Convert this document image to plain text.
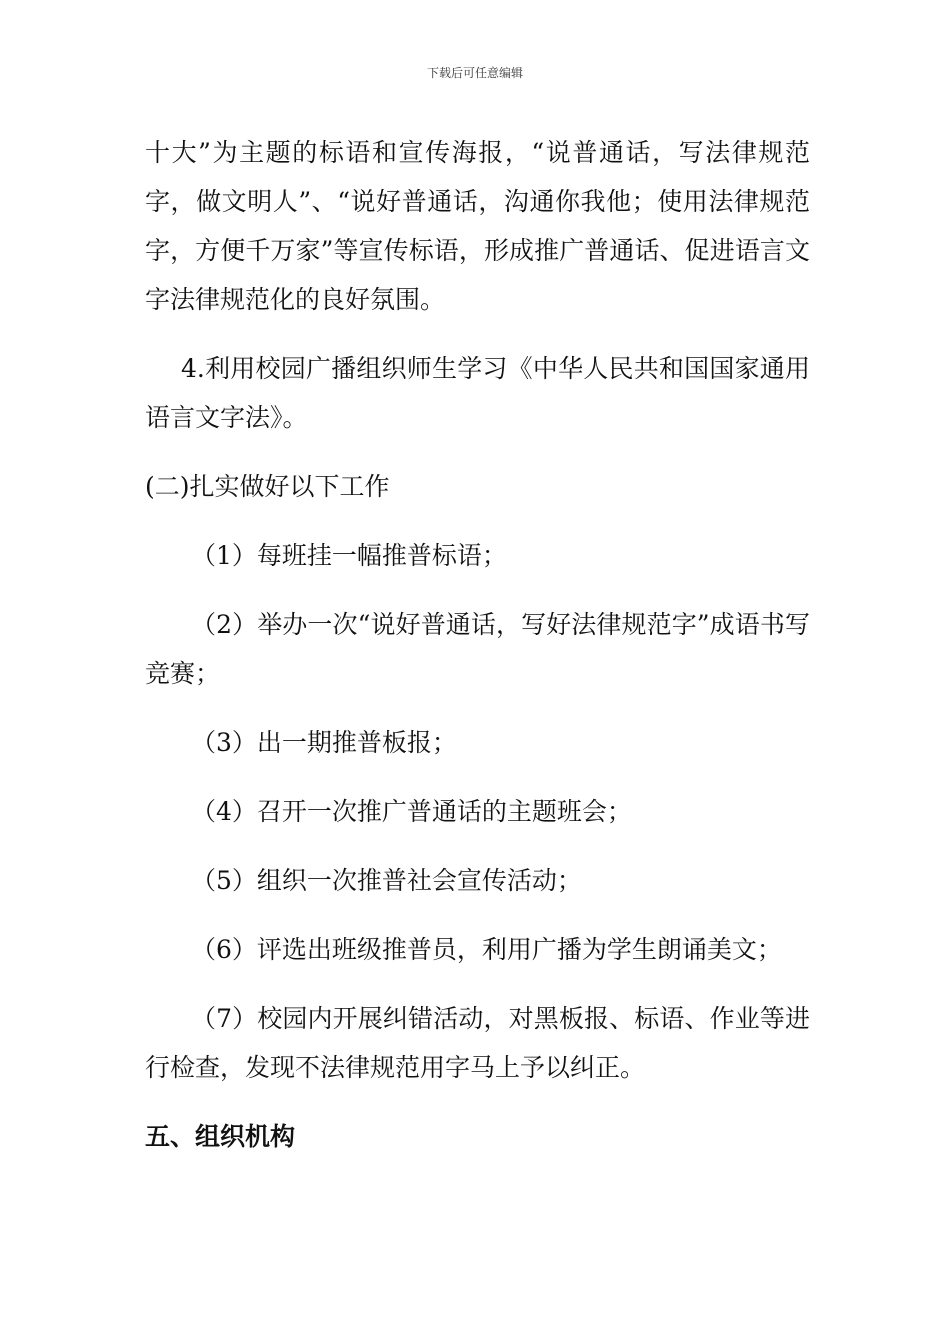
下载后可任意编辑

十大”为主题的标语和宣传海报，“说普通话，写法律规范字，做文明人”、“说好普通话，沟通你我他；使用法律规范字，方便千万家”等宣传标语，形成推广普通话、促进语言文字法律规范化的良好氛围。

4.利用校园广播组织师生学习《中华人民共和国国家通用语言文字法》。

(二)扎实做好以下工作

（1）每班挂一幅推普标语；

（2）举办一次“说好普通话，写好法律规范字”成语书写竞赛；

（3）出一期推普板报；

（4）召开一次推广普通话的主题班会；

（5）组织一次推普社会宣传活动；

（6）评选出班级推普员，利用广播为学生朗诵美文；

（7）校园内开展纠错活动，对黑板报、标语、作业等进行检查，发现不法律规范用字马上予以纠正。

五、组织机构
